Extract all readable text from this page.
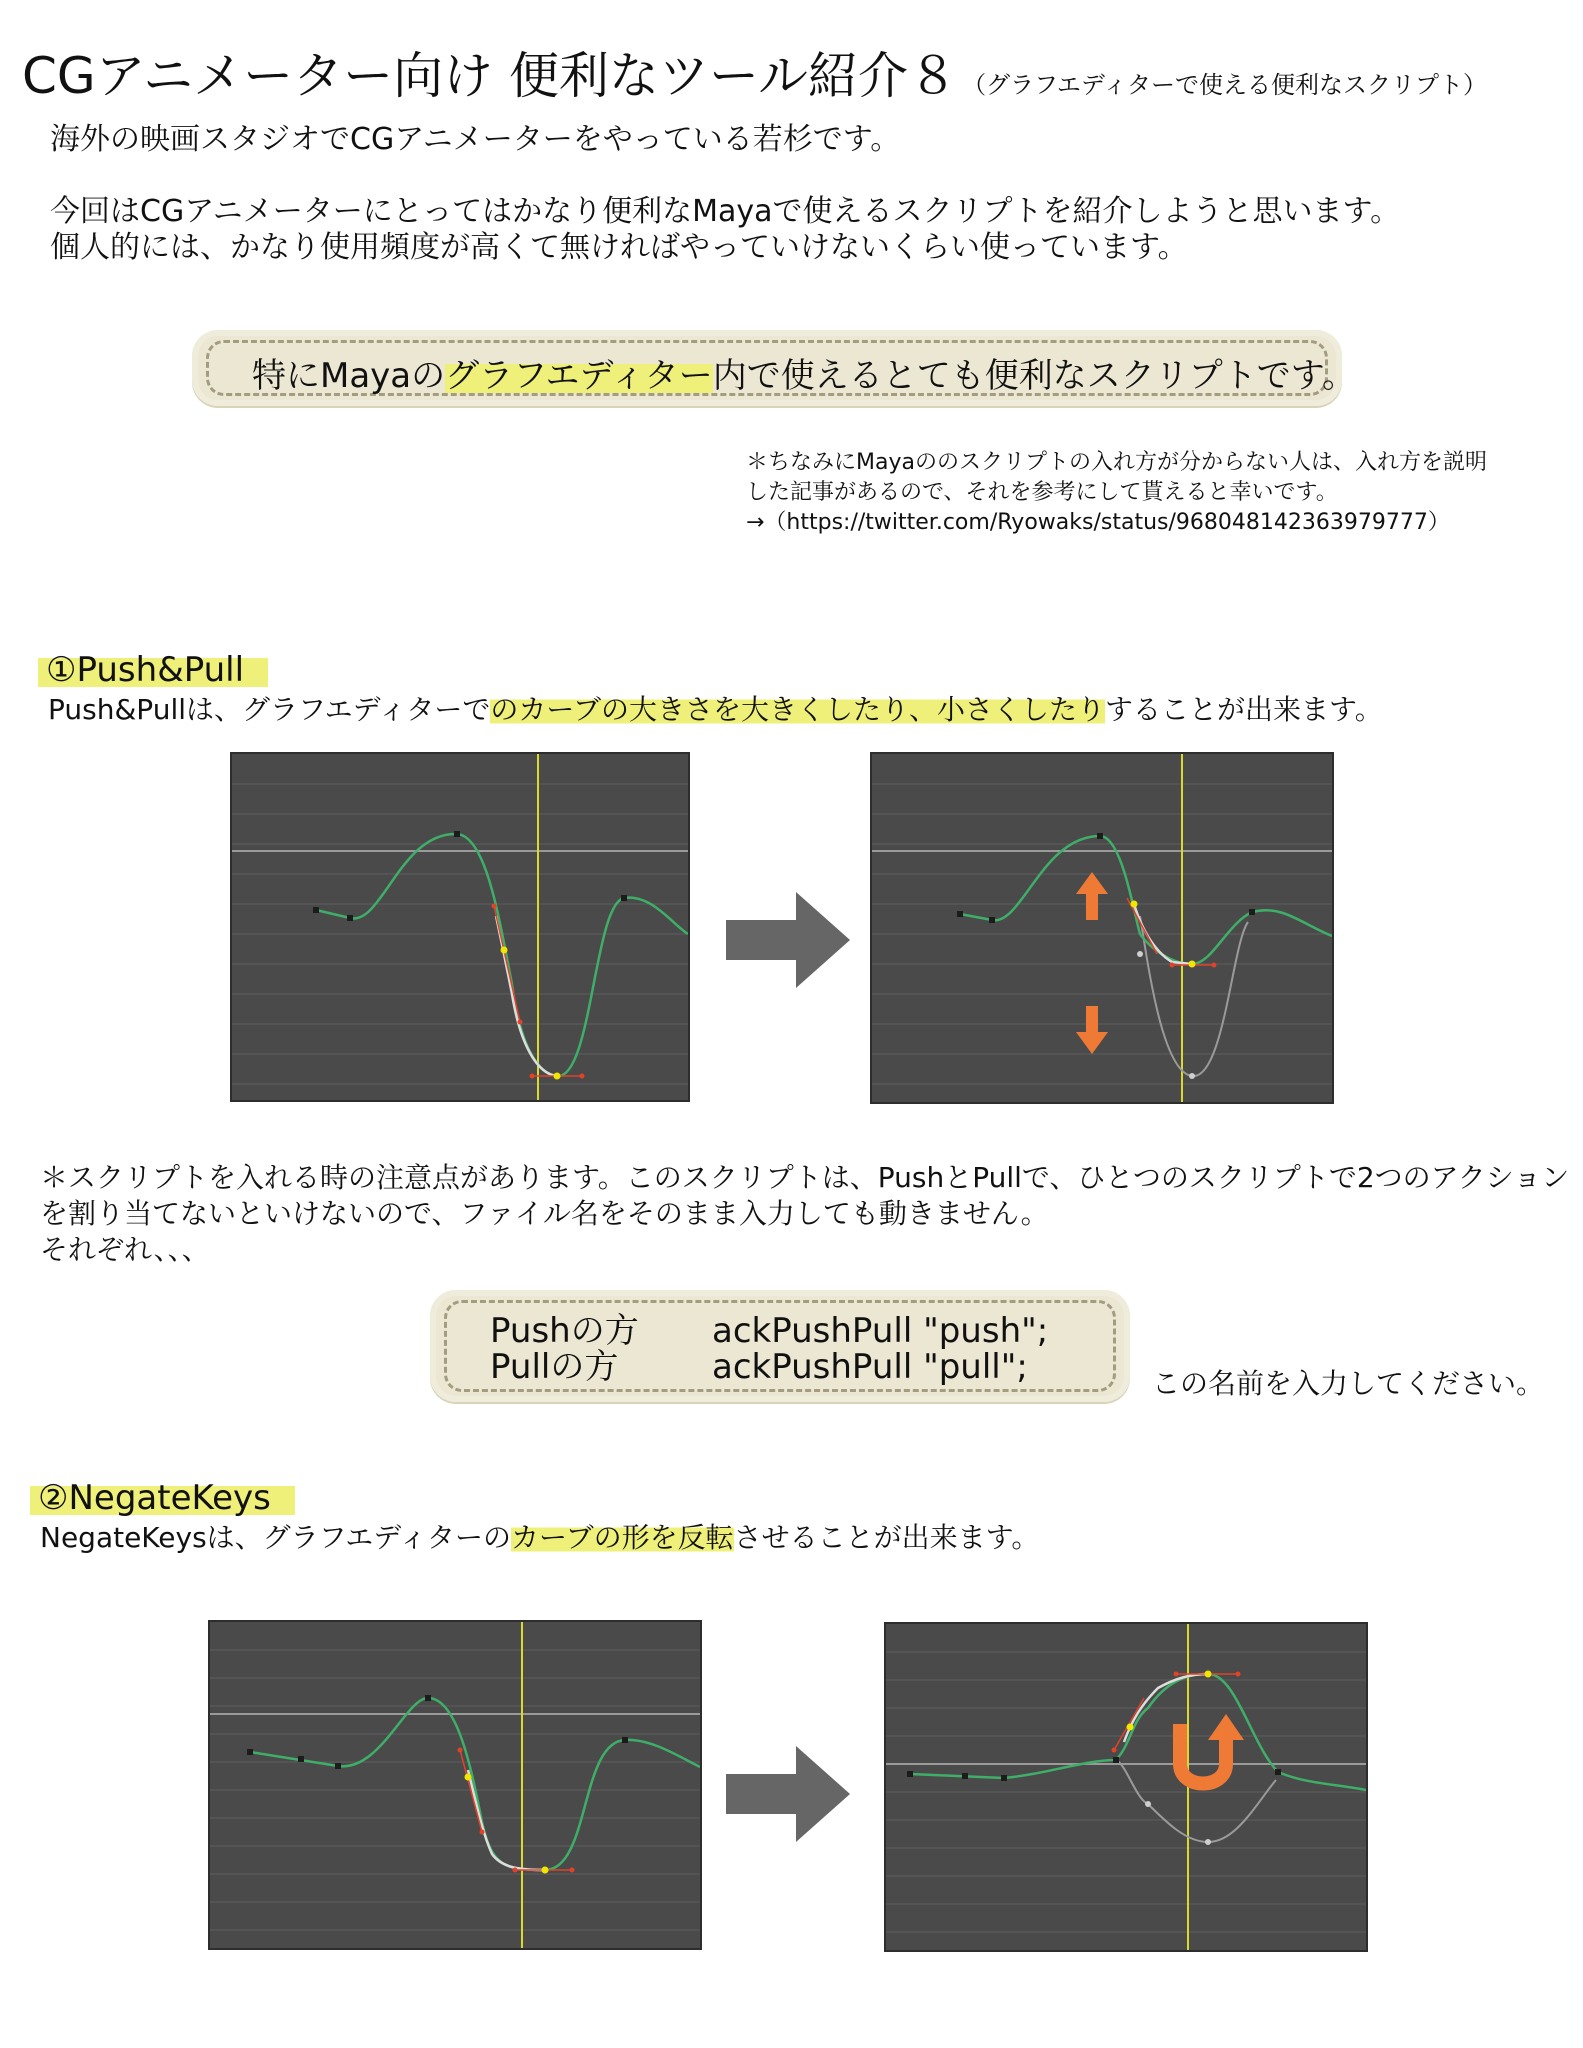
CGアニメーター向け 便利なツール紹介８ （グラフエディターで使える便利なスクリプト）
海外の映画スタジオでCGアニメーターをやっている若杉です。
今回はCGアニメーターにとってはかなり便利なMayaで使えるスクリプトを紹介しようと思います。
個人的には、かなり使用頻度が高くて無ければやっていけないくらい使っています。
特にMayaのグラフエディター内で使えるとても便利なスクリプトです。
＊ちなみにMayaののスクリプトの入れ方が分からない人は、入れ方を説明
した記事があるので、それを参考にして貰えると幸いです。
→（https://twitter.com/Ryowaks/status/968048142363979777）
①Push&Pull
Push&Pullは、グラフエディターでのカーブの大きさを大きくしたり、小さくしたりすることが出来ます。
＊スクリプトを入れる時の注意点があります。このスクリプトは、PushとPullで、ひとつのスクリプトで2つのアクション
を割り当てないといけないので、ファイル名をそのまま入力しても動きません。
それぞれ、、、
Pushの方 ackPushPull "push";
Pullの方	ackPushPull "pull";	この名前を入力してください。
②NegateKeys
NegateKeysは、グラフエディターのカーブの形を反転させることが出来ます。
